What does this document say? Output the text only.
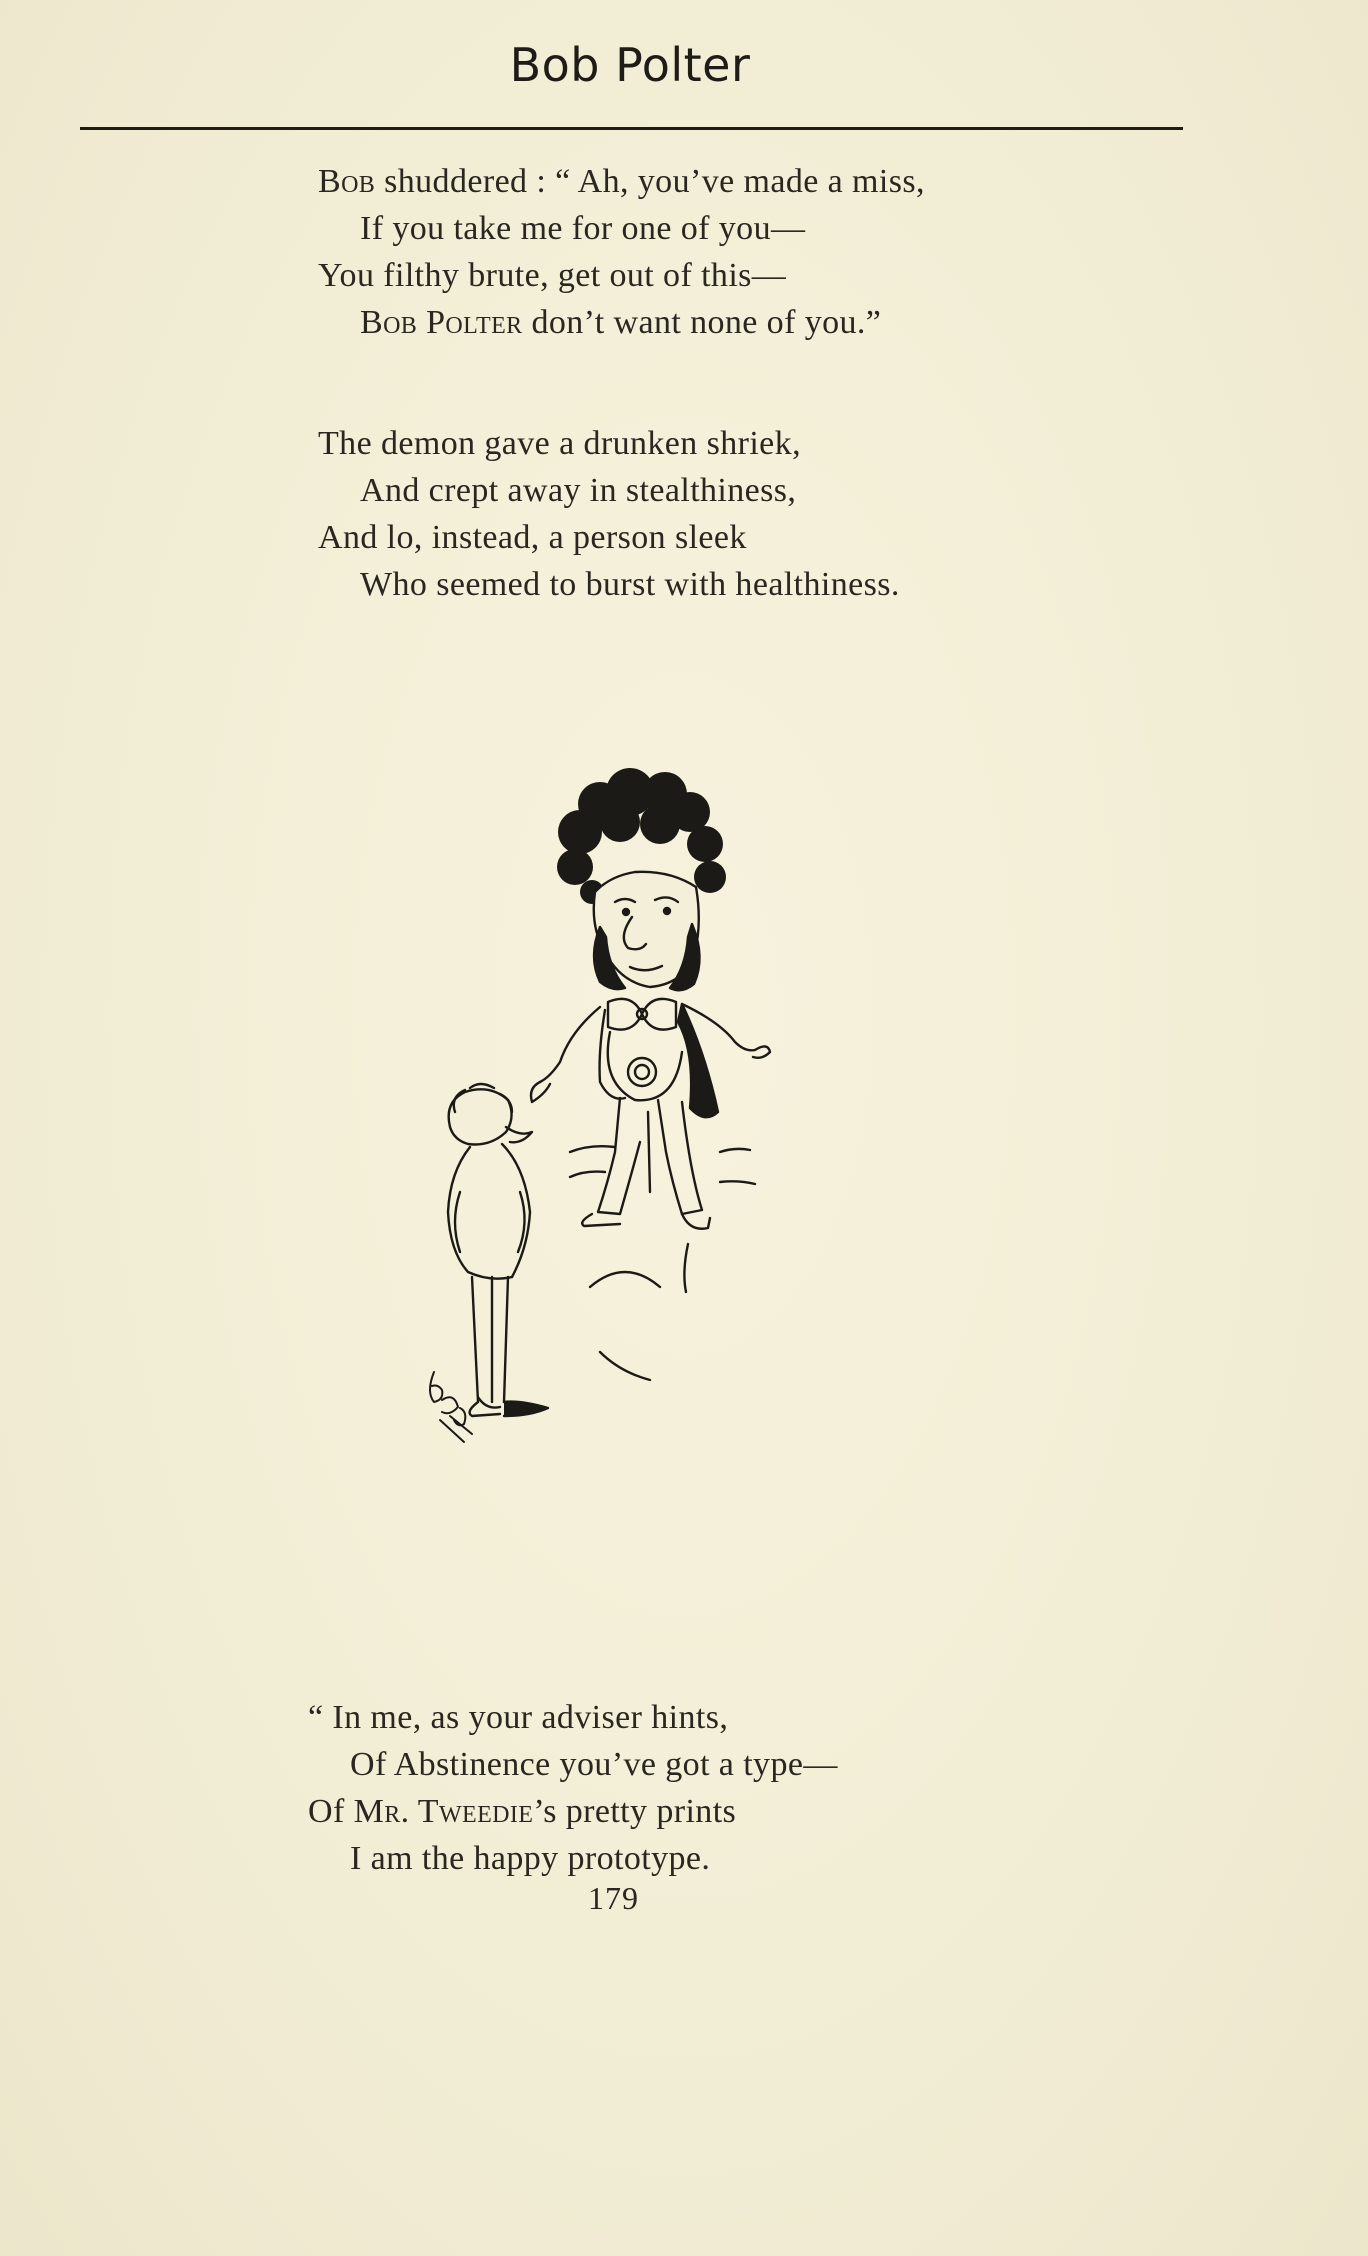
Bob Polter
Bob shuddered : “ Ah, you’ve made a miss,
If you take me for one of you—
You filthy brute, get out of this—
Bob Polter don’t want none of you.”
The demon gave a drunken shriek,
And crept away in stealthiness,
And lo, instead, a person sleek
Who seemed to burst with healthiness.
“ In me, as your adviser hints,
Of Abstinence you’ve got a type—
Of Mr. Tweedie’s pretty prints
I am the happy prototype.
179
